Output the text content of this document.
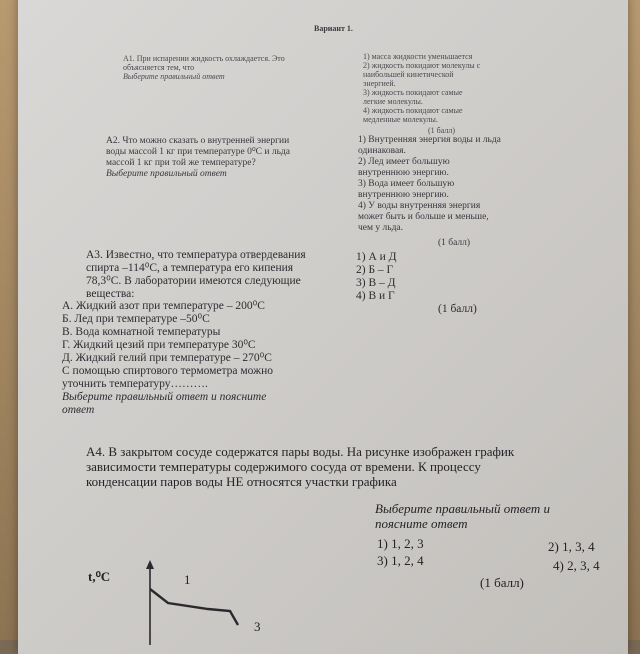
Вариант 1.
А1. При испарении жидкость охлаждается. Это
объясняется тем, что
Выберите правильный ответ
1) масса жидкости уменьшается
2) жидкость покидают молекулы с
наибольшей кинетической
энергией.
3) жидкость покидают самые
легкие молекулы.
4) жидкость покидают самые
медленные молекулы.
(1 балл)
А2. Что можно сказать о внутренней энергии
воды массой 1 кг при температуре 0⁰С и льда
массой 1 кг при той же температуре?
Выберите правильный ответ
1) Внутренняя энергия воды и льда
одинаковая.
2) Лед имеет большую
внутреннюю энергию.
3) Вода имеет большую
внутреннюю энергию.
4) У воды внутренняя энергия
может быть и больше и меньше,
чем у льда.
(1 балл)
А3. Известно, что температура отвердевания
спирта –114⁰С, а температура его кипения
78,3⁰С. В лаборатории имеются следующие
вещества:
А. Жидкий азот при температуре – 200⁰С
Б. Лед при температуре –50⁰С
В. Вода комнатной температуры
Г. Жидкий цезий при температуре 30⁰С
Д. Жидкий гелий при температуре – 270⁰С
С помощью спиртового термометра можно
уточнить температуру……….
Выберите правильный ответ и поясните
ответ
1) А и Д
2) Б – Г
3) В – Д
4) В и Г
(1 балл)
А4. В закрытом сосуде содержатся пары воды. На рисунке изображен график
зависимости температуры содержимого сосуда от времени. К процессу
конденсации паров воды НЕ относятся участки графика
Выберите правильный ответ и
поясните ответ
1) 1, 2, 3	2) 1, 3, 4
3) 1, 2, 4	4) 2, 3, 4
(1 балл)
t,⁰C	1
3
